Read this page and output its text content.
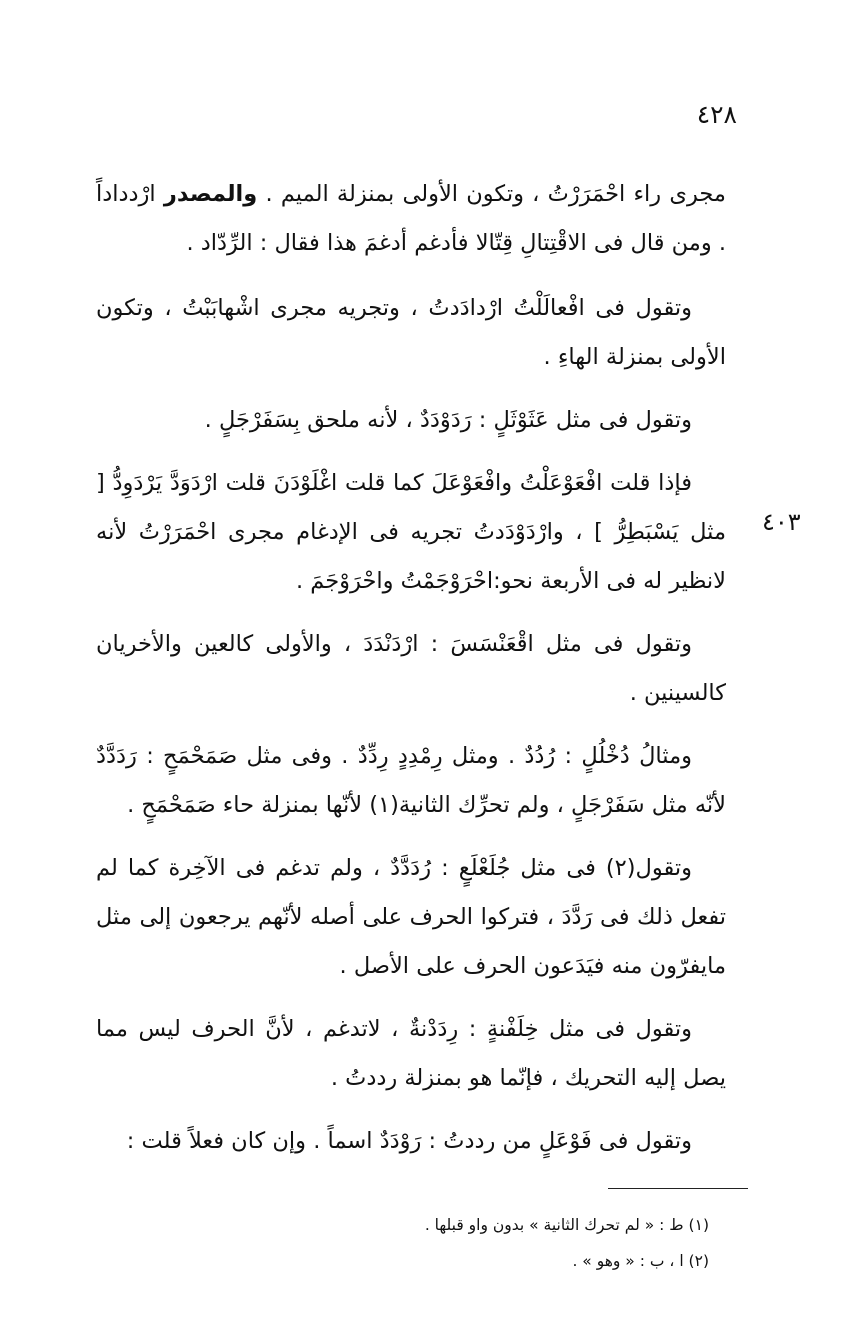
٤٢٨
٤٠٣

مجرى راء احْمَرَرْتُ ، وتكون الأولى بمنزلة الميم . والمصدر ارْدداداً . ومن قال فى الاقْتِتالِ قِتّالا فأدغم أدغمَ هذا فقال : الرِّدّاد .

وتقول فى افْعالَلْتُ ارْدادَدتُ ، وتجريه مجرى اشْهابَبْتُ ، وتكون الأولى بمنزلة الهاءِ .

وتقول فى مثل عَثَوْثَلٍ : رَدَوْدَدٌ ، لأنه ملحق بِسَفَرْجَلٍ .

فإذا قلت افْعَوْعَلْتُ وافْعَوْعَلَ كما قلت اغْلَوْدَنَ قلت ارْدَوَدَّ يَرْدَوِدُّ [ مثل يَسْبَطِرُّ ] ، وارْدَوْدَدتُ تجريه فى الإدغام مجرى احْمَرَرْتُ لأنه لانظير له فى الأربعة نحو:احْرَوْجَمْتُ واحْرَوْجَمَ .

وتقول فى مثل اقْعَنْسَسَ : ارْدَنْدَدَ ، والأولى كالعين والأخريان كالسينين .

ومثالُ دُخْلُلٍ : رُدُدٌ . ومثل رِمْدِدٍ رِدِّدٌ . وفى مثل صَمَحْمَحٍ : رَدَدَّدٌ لأنّه مثل سَفَرْجَلٍ ، ولم تحرِّك الثانية(١) لأنّها بمنزلة حاء صَمَحْمَحٍ .

وتقول(٢) فى مثل جُلَعْلَعٍ : رُدَدَّدٌ ، ولم تدغم فى الآخِرة كما لم تفعل ذلك فى رَدَّدَ ، فتركوا الحرف على أصله لأنّهم يرجعون إلى مثل مايفرّون منه فيَدَعون الحرف على الأصل .

وتقول فى مثل خِلَفْنةٍ : رِدَدْنةٌ ، لاتدغم ، لأنَّ الحرف ليس مما يصل إليه التحريك ، فإنّما هو بمنزلة رددتُ .

وتقول فى فَوْعَلٍ من رددتُ : رَوْدَدٌ اسماً . وإن كان فعلاً قلت :

(١) ط : « لم تحرك الثانية » بدون واو قبلها .

(٢) ا ، ب : « وهو » .
